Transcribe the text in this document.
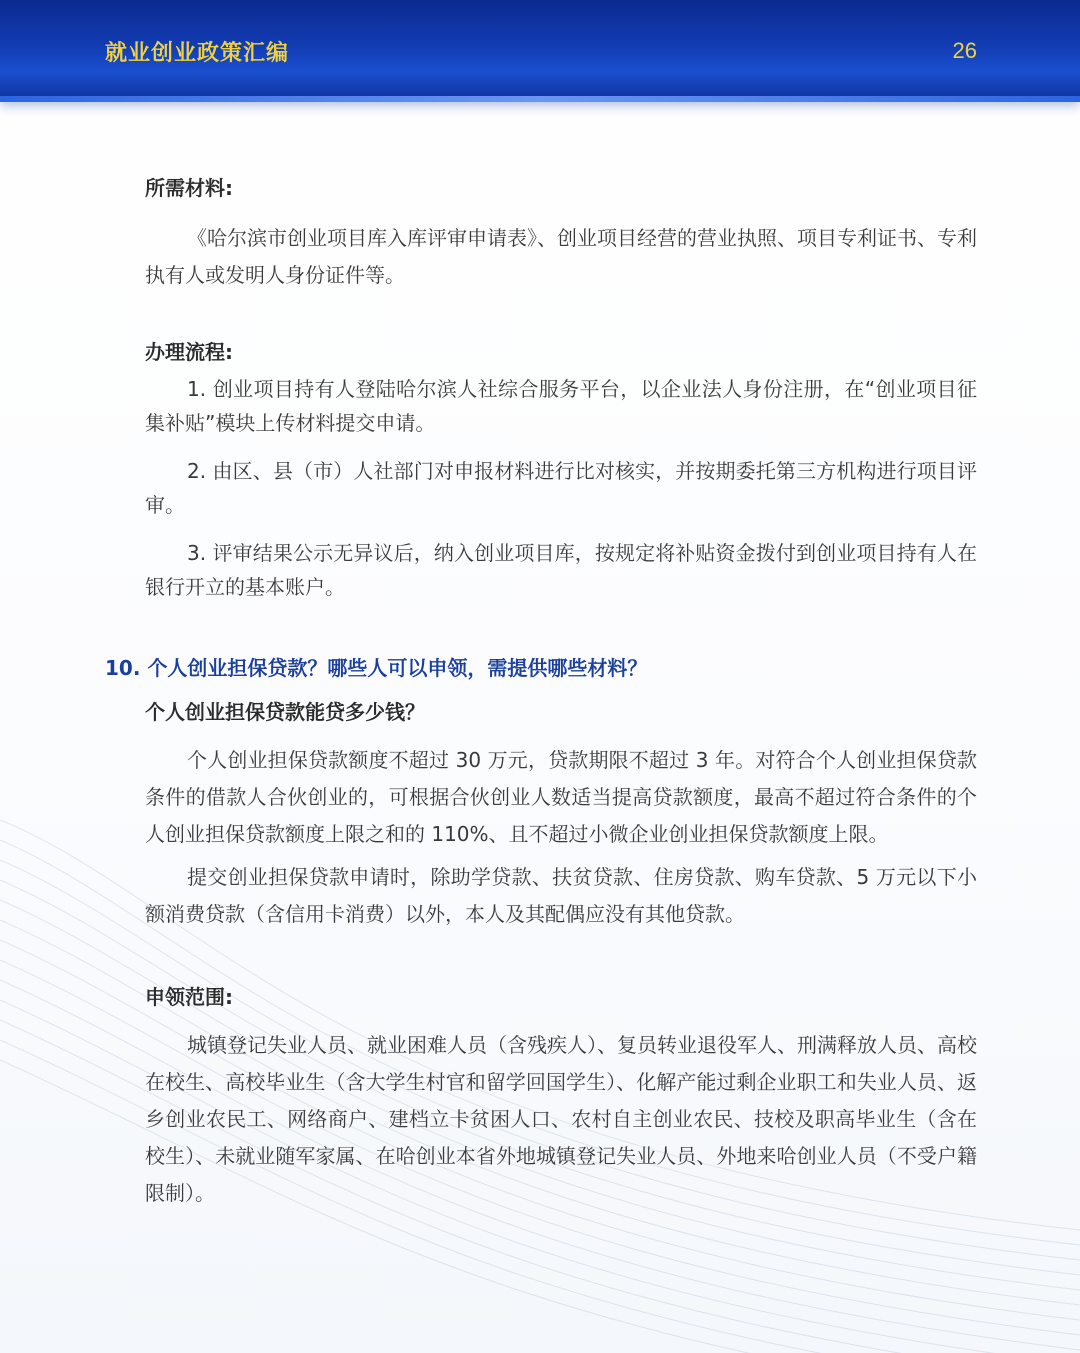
就业创业政策汇编	26

所需材料:

《哈尔滨市创业项目库入库评审申请表》、创业项目经营的营业执照、项目专利证书、专利执有人或发明人身份证件等。

办理流程:

1. 创业项目持有人登陆哈尔滨人社综合服务平台，以企业法人身份注册，在“创业项目征集补贴”模块上传材料提交申请。

2. 由区、县（市）人社部门对申报材料进行比对核实，并按期委托第三方机构进行项目评审。

3. 评审结果公示无异议后，纳入创业项目库，按规定将补贴资金拨付到创业项目持有人在银行开立的基本账户。

10. 个人创业担保贷款？哪些人可以申领，需提供哪些材料？

个人创业担保贷款能贷多少钱？

个人创业担保贷款额度不超过 30 万元，贷款期限不超过 3 年。对符合个人创业担保贷款条件的借款人合伙创业的，可根据合伙创业人数适当提高贷款额度，最高不超过符合条件的个人创业担保贷款额度上限之和的 110%、且不超过小微企业创业担保贷款额度上限。

提交创业担保贷款申请时，除助学贷款、扶贫贷款、住房贷款、购车贷款、5 万元以下小额消费贷款（含信用卡消费）以外，本人及其配偶应没有其他贷款。

申领范围:

城镇登记失业人员、就业困难人员（含残疾人）、复员转业退役军人、刑满释放人员、高校在校生、高校毕业生（含大学生村官和留学回国学生）、化解产能过剩企业职工和失业人员、返乡创业农民工、网络商户、建档立卡贫困人口、农村自主创业农民、技校及职高毕业生（含在校生）、未就业随军家属、在哈创业本省外地城镇登记失业人员、外地来哈创业人员（不受户籍限制）。
